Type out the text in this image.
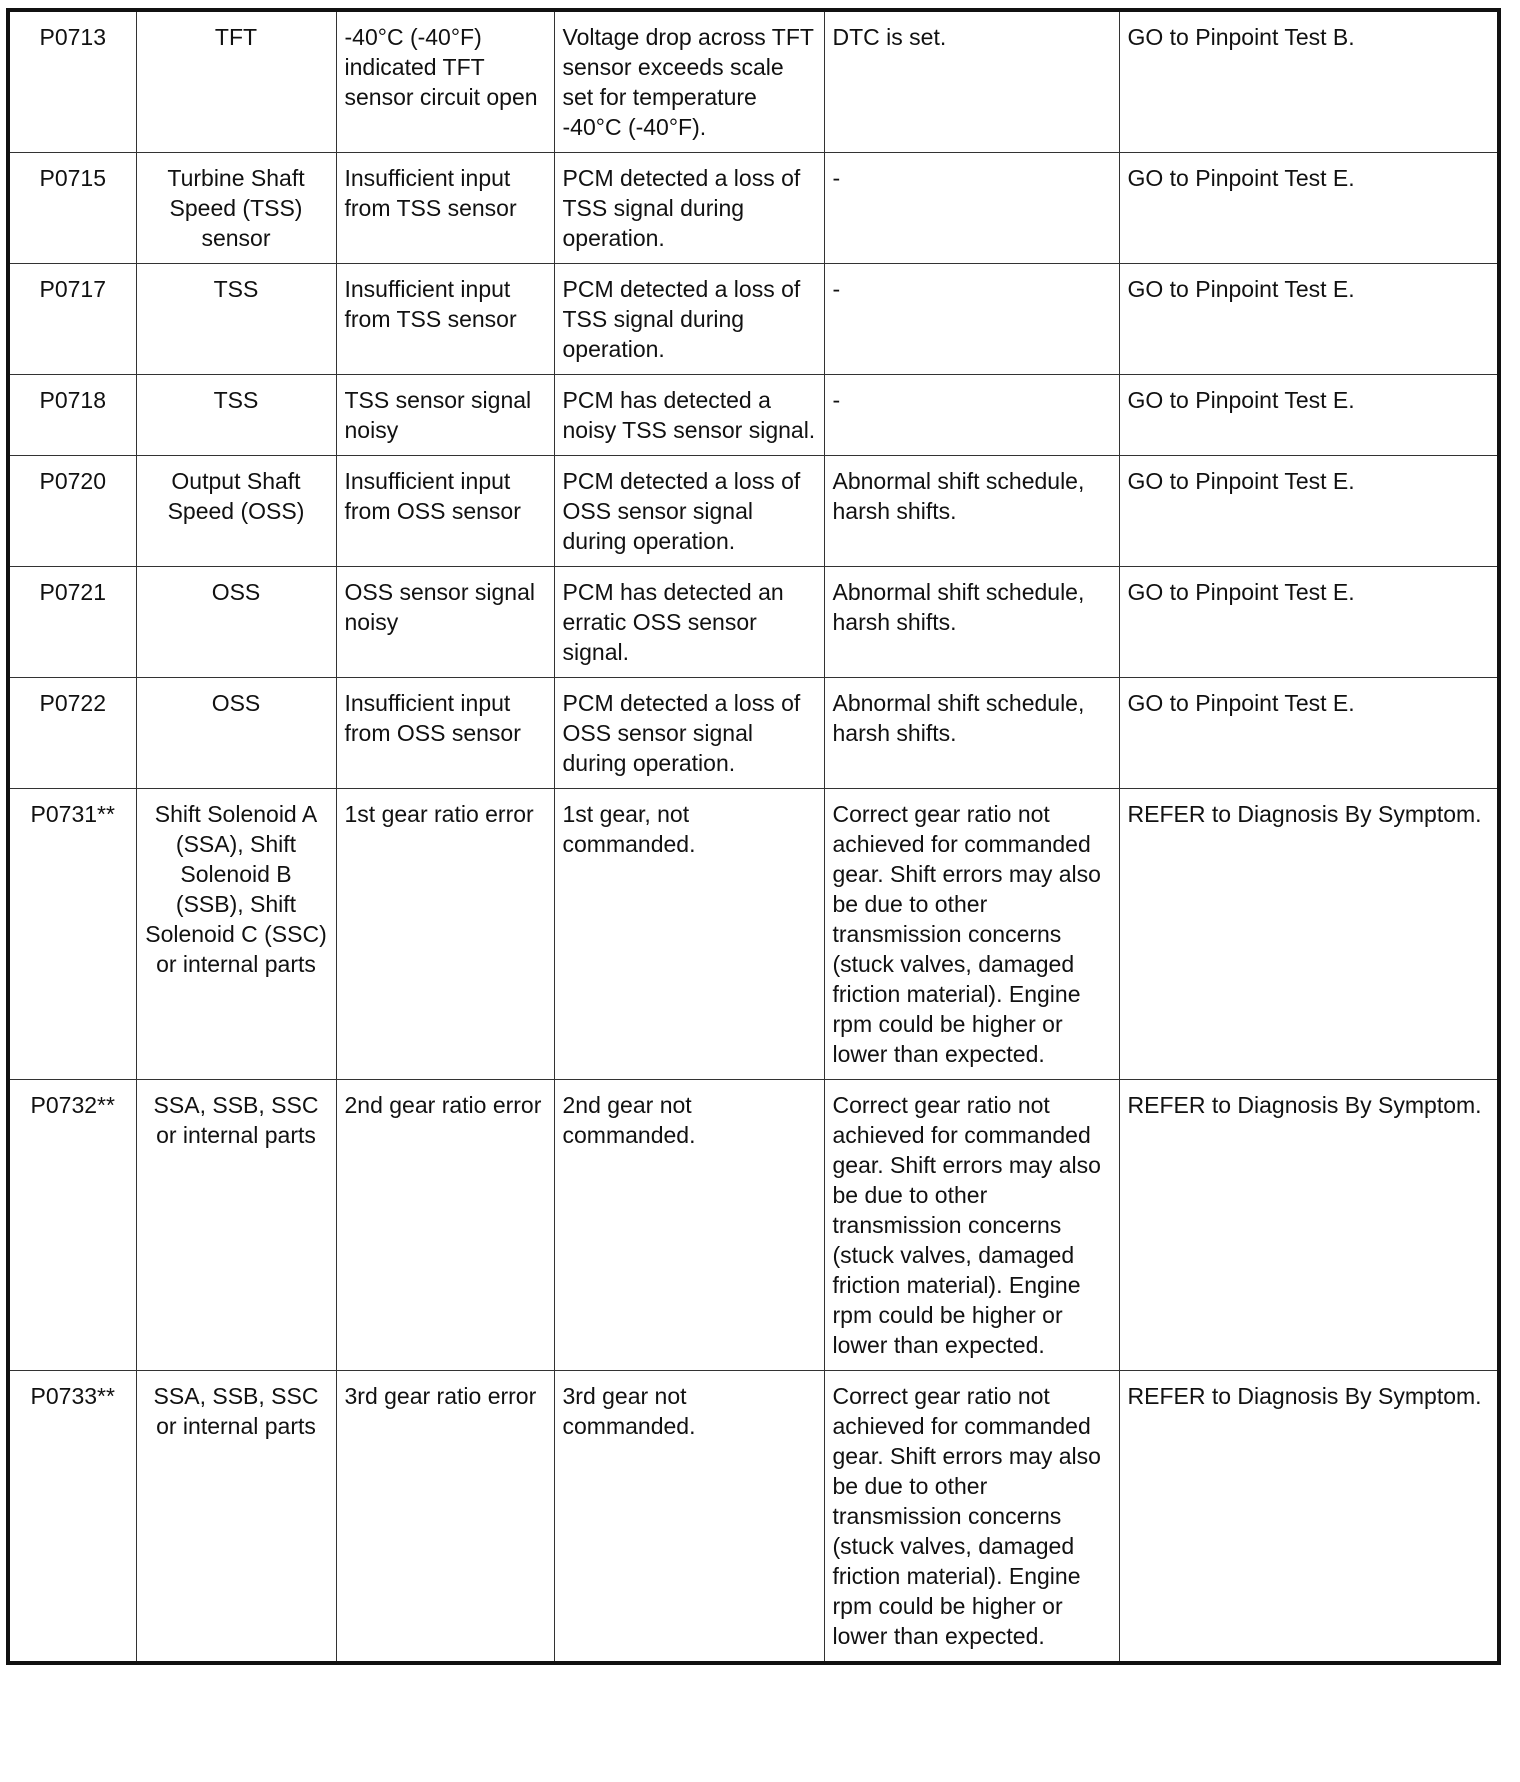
P0713	TFT	-40°C (-40°F) indicated TFT sensor circuit open	Voltage drop across TFT sensor exceeds scale set for temperature -40°C (-40°F).	DTC is set.	GO to Pinpoint Test B.
P0715	Turbine Shaft Speed (TSS) sensor	Insufficient input from TSS sensor	PCM detected a loss of TSS signal during operation.	-	GO to Pinpoint Test E.
P0717	TSS	Insufficient input from TSS sensor	PCM detected a loss of TSS signal during operation.	-	GO to Pinpoint Test E.
P0718	TSS	TSS sensor signal noisy	PCM has detected a noisy TSS sensor signal.	-	GO to Pinpoint Test E.
P0720	Output Shaft Speed (OSS)	Insufficient input from OSS sensor	PCM detected a loss of OSS sensor signal during operation.	Abnormal shift schedule, harsh shifts.	GO to Pinpoint Test E.
P0721	OSS	OSS sensor signal noisy	PCM has detected an erratic OSS sensor signal.	Abnormal shift schedule, harsh shifts.	GO to Pinpoint Test E.
P0722	OSS	Insufficient input from OSS sensor	PCM detected a loss of OSS sensor signal during operation.	Abnormal shift schedule, harsh shifts.	GO to Pinpoint Test E.
P0731**	Shift Solenoid A (SSA), Shift Solenoid B (SSB), Shift Solenoid C (SSC) or internal parts	1st gear ratio error	1st gear, not commanded.	Correct gear ratio not achieved for commanded gear. Shift errors may also be due to other transmission concerns (stuck valves, damaged friction material). Engine rpm could be higher or lower than expected.	REFER to Diagnosis By Symptom.
P0732**	SSA, SSB, SSC or internal parts	2nd gear ratio error	2nd gear not commanded.	Correct gear ratio not achieved for commanded gear. Shift errors may also be due to other transmission concerns (stuck valves, damaged friction material). Engine rpm could be higher or lower than expected.	REFER to Diagnosis By Symptom.
P0733**	SSA, SSB, SSC or internal parts	3rd gear ratio error	3rd gear not commanded.	Correct gear ratio not achieved for commanded gear. Shift errors may also be due to other transmission concerns (stuck valves, damaged friction material). Engine rpm could be higher or lower than expected.	REFER to Diagnosis By Symptom.
